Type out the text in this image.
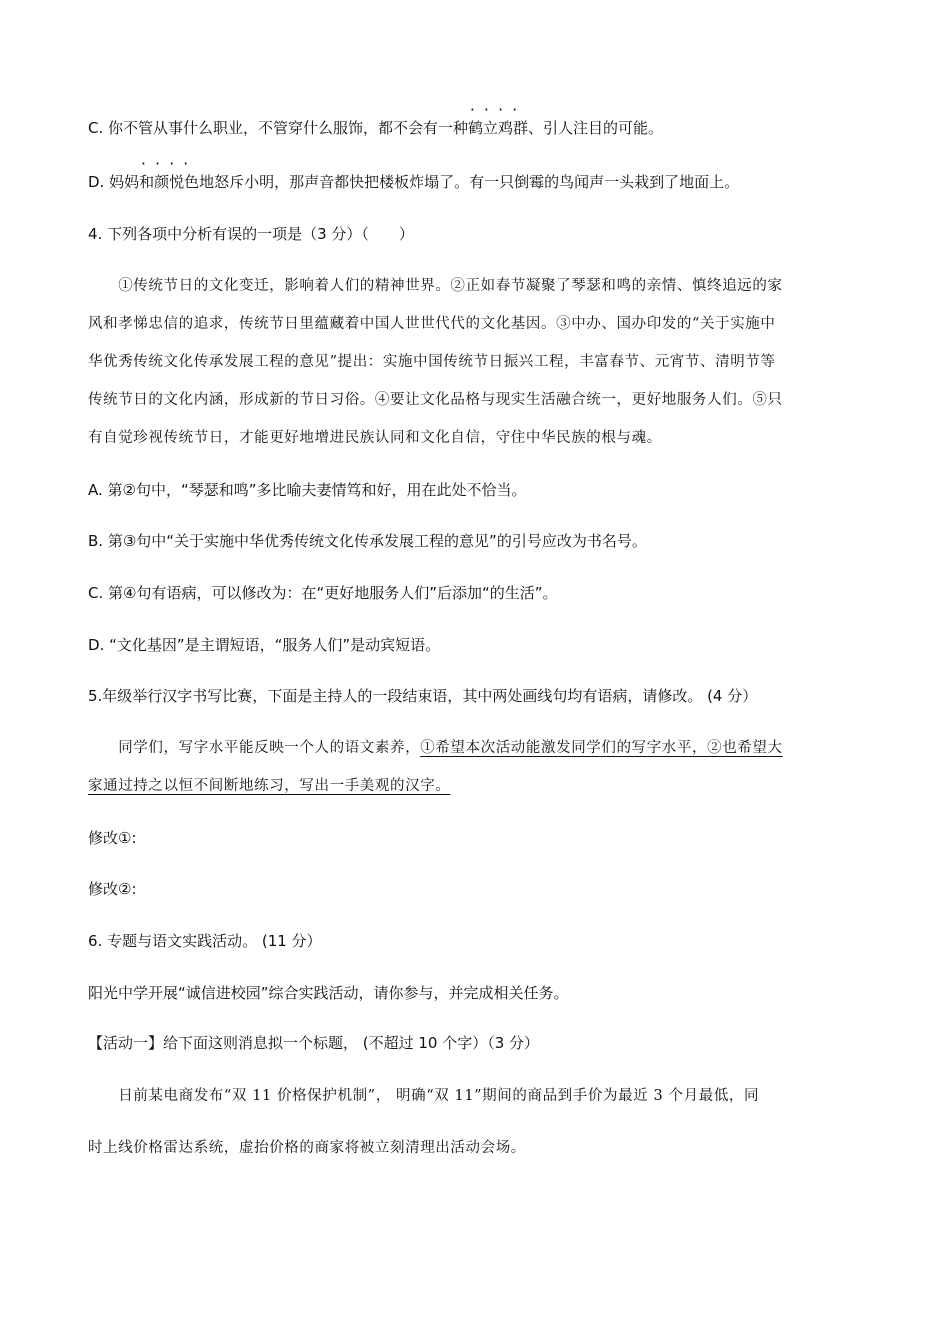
C. 你不管从事什么职业，不管穿什么服饰，都不会有一种
····
鹤立鸡群、引人注目的可能。
D. 妈妈
····
和颜悦色地怒斥小明，那声音都快把楼板炸塌了。有一只倒霉的鸟闻声一头栽到了地面上。
4. 下列各项中分析有误的一项是（3 分）（　　）
　　①传统节日的文化变迁，影响着人们的精神世界。②正如春节凝聚了琴瑟和鸣的亲情、慎终追远的家
风和孝悌忠信的追求，传统节日里蕴藏着中国人世世代代的文化基因。③中办、国办印发的“关于实施中
华优秀传统文化传承发展工程的意见”提出：实施中国传统节日振兴工程，丰富春节、元宵节、清明节等
传统节日的文化内涵，形成新的节日习俗。④要让文化品格与现实生活融合统一，更好地服务人们。⑤只
有自觉珍视传统节日，才能更好地增进民族认同和文化自信，守住中华民族的根与魂。
A. 第②句中，“琴瑟和鸣”多比喻夫妻情笃和好，用在此处不恰当。
B. 第③句中“关于实施中华优秀传统文化传承发展工程的意见”的引号应改为书名号。
C. 第④句有语病，可以修改为：在“更好地服务人们”后添加“的生活”。
D. “文化基因”是主谓短语，“服务人们”是动宾短语。
5.年级举行汉字书写比赛，下面是主持人的一段结束语，其中两处画线句均有语病，请修改。 (4 分）
　　同学们，写字水平能反映一个人的语文素养，①希望本次活动能激发同学们的写字水平，②也希望大
家通过持之以恒不间断地练习，写出一手美观的汉字。
修改①:
修改②:
6. 专题与语文实践活动。 (11 分）
阳光中学开展“诚信进校园”综合实践活动，请你参与，并完成相关任务。
【活动一】给下面这则消息拟一个标题， (不超过 10 个字）（3 分）
　　日前某电商发布“双 11 价格保护机制”， 明确“双 11”期间的商品到手价为最近 3 个月最低，同
时上线价格雷达系统，虚抬价格的商家将被立刻清理出活动会场。
